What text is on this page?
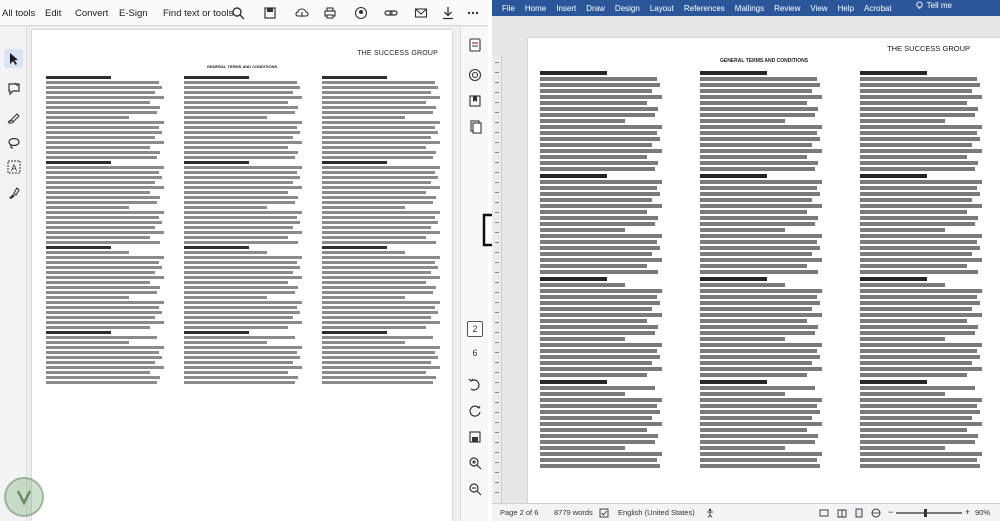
All tools Edit Convert E-Sign Find text or tools
A
THE SUCCESS GROUP
GENERAL TERMS AND CONDITIONS
2
6
File	Home	Insert	Draw	Design	Layout	References	Mailings	Review	View	Help	Acrobat	Tell me
THE SUCCESS GROUP
GENERAL TERMS AND CONDITIONS
Page 2 of 6 8779 words	English (United States)	−	+ 90%
